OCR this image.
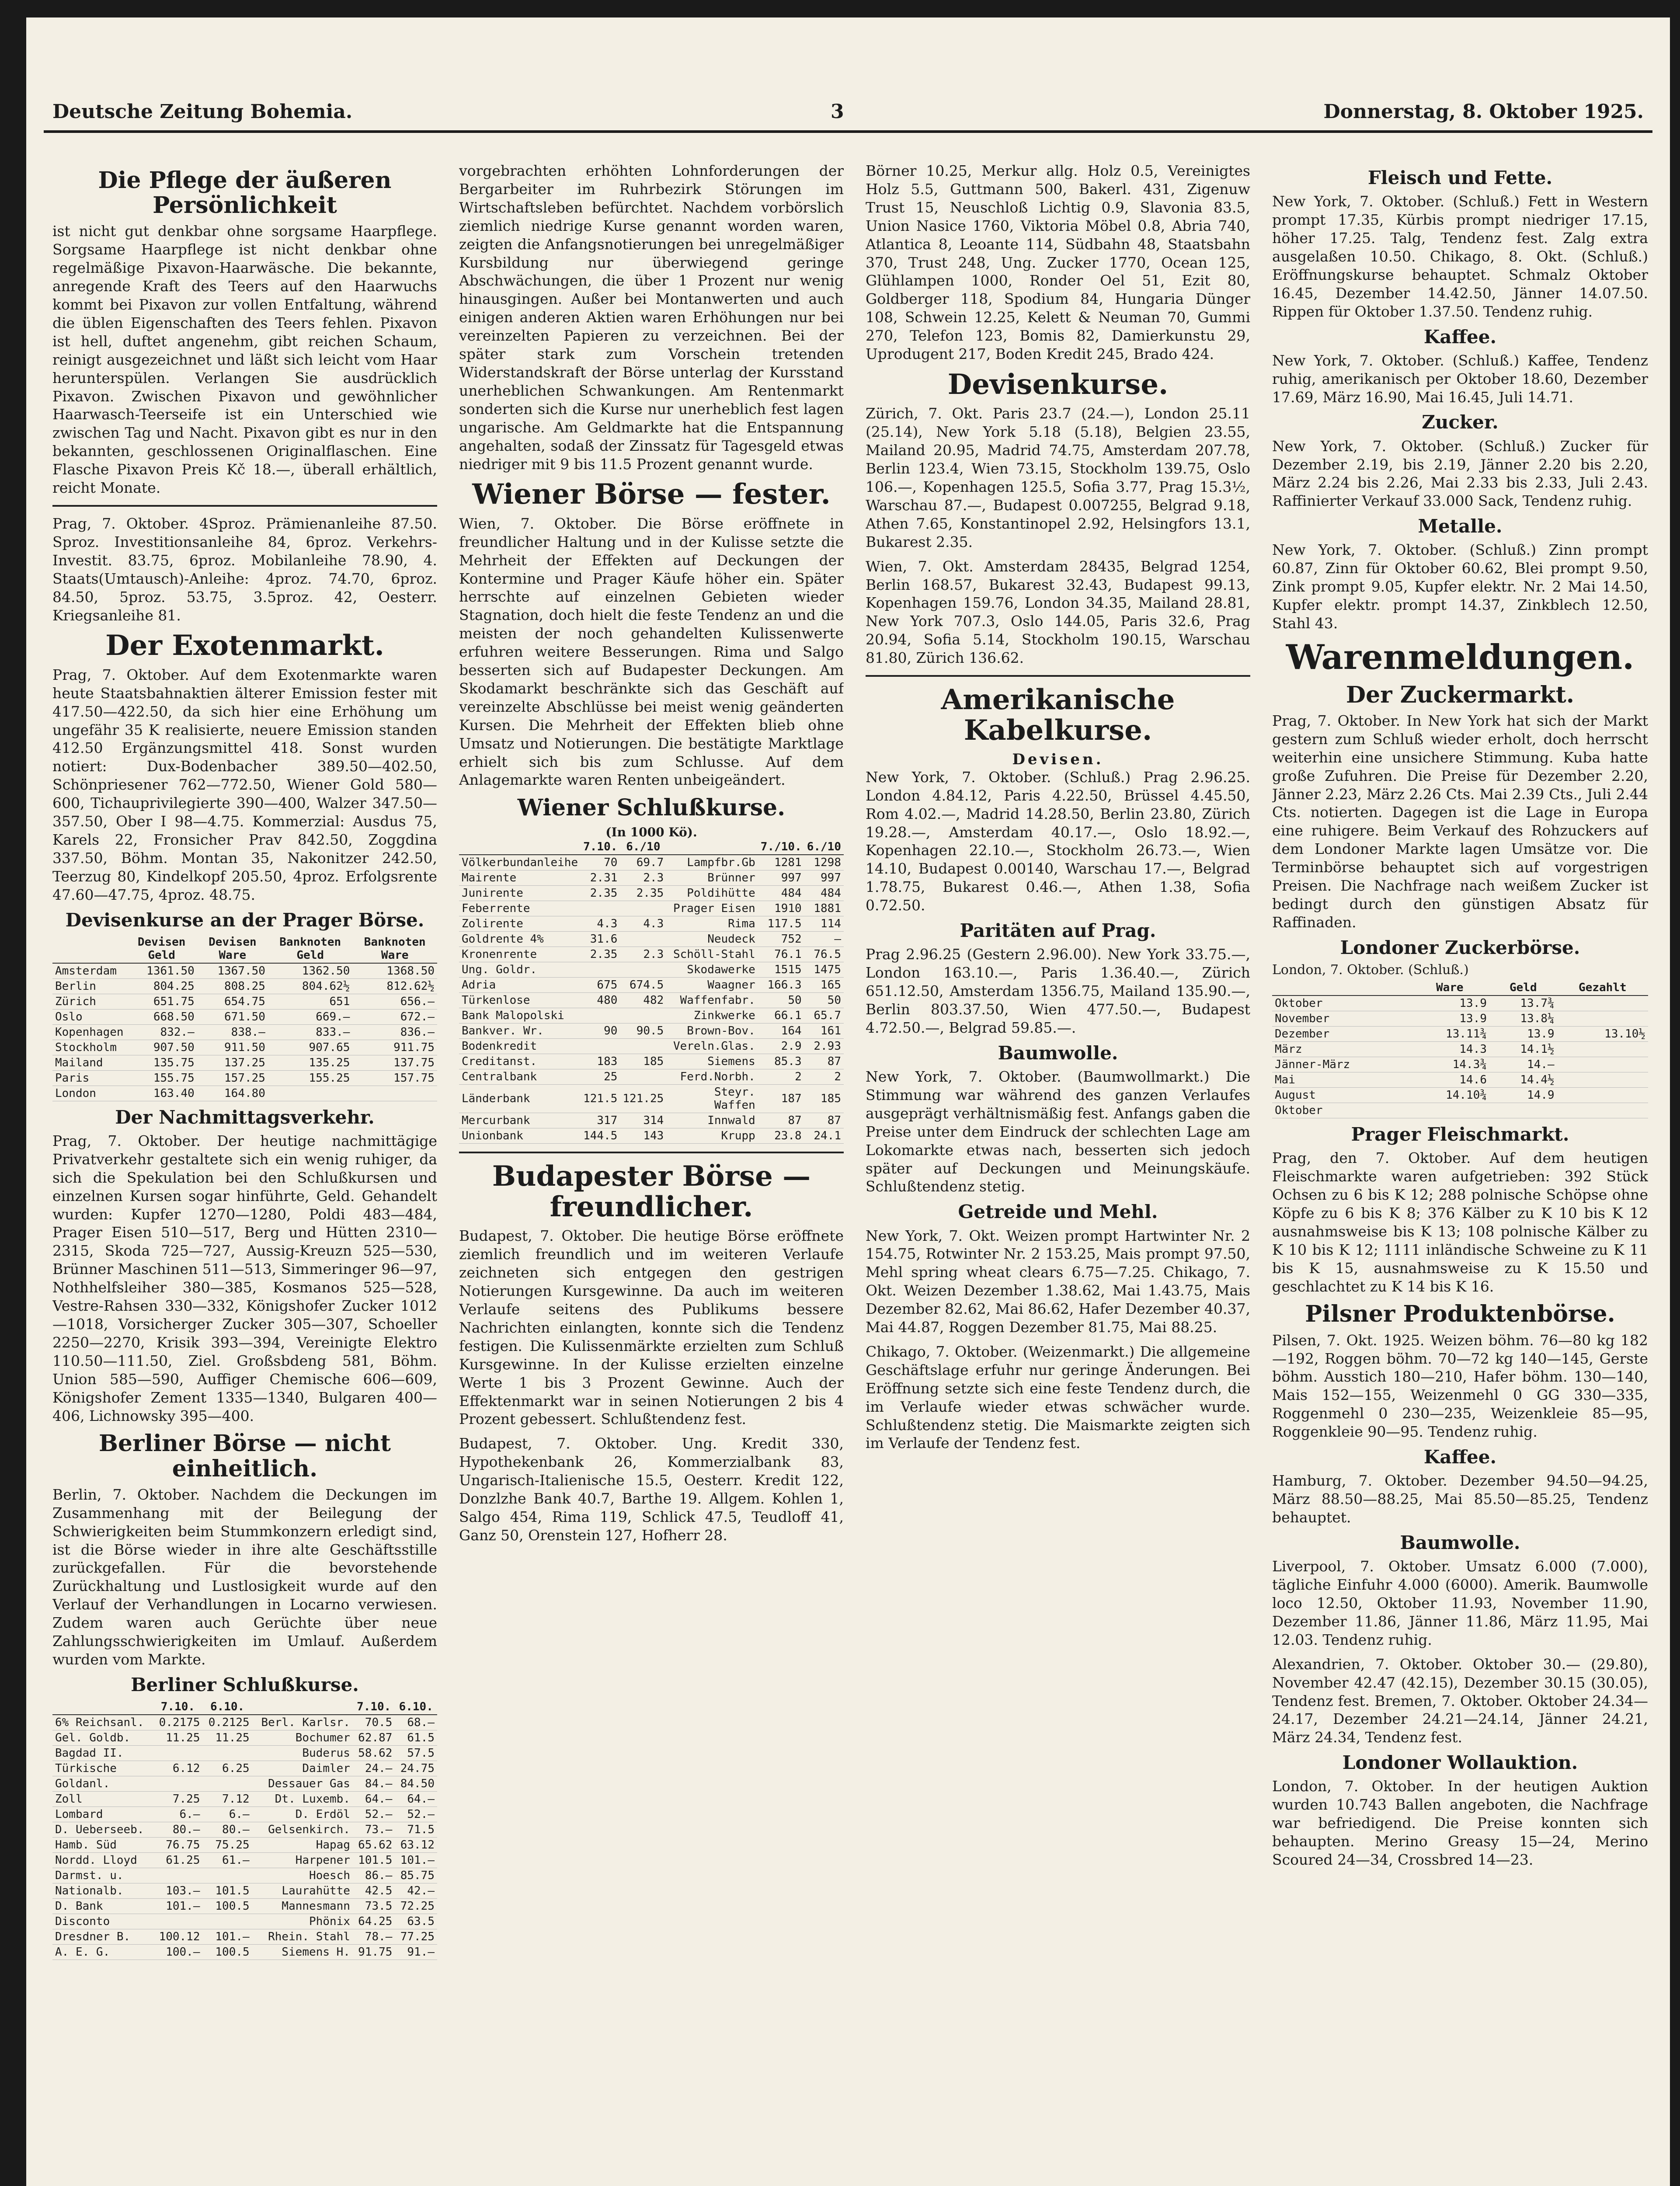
Deutsche Zeitung Bohemia.	3	Donnerstag, 8. Oktober 1925.
Die Pflege der äußeren Persönlichkeit

ist nicht gut denkbar ohne sorgsame Haarpflege. Sorgsame Haarpflege ist nicht denkbar ohne regelmäßige Pixavon-Haarwäsche. Die bekannte, anregende Kraft des Teers auf den Haarwuchs kommt bei Pixavon zur vollen Entfaltung, während die üblen Eigenschaften des Teers fehlen. Pixavon ist hell, duftet angenehm, gibt reichen Schaum, reinigt ausgezeichnet und läßt sich leicht vom Haar herunterspülen. Verlangen Sie ausdrücklich Pixavon. Zwischen Pixavon und gewöhnlicher Haarwasch-Teerseife ist ein Unterschied wie zwischen Tag und Nacht. Pixavon gibt es nur in den bekannten, geschlossenen Originalflaschen. Eine Flasche Pixavon Preis Kč 18.—, überall erhältlich, reicht Monate.

Prag, 7. Oktober. 4Sproz. Prämienanleihe 87.50. Sproz. Investitionsanleihe 84, 6proz. Verkehrs-Investit. 83.75, 6proz. Mobilanleihe 78.90, 4. Staats(Umtausch)-Anleihe: 4proz. 74.70, 6proz. 84.50, 5proz. 53.75, 3.5proz. 42, Oesterr. Kriegsanleihe 81.

Der Exotenmarkt.

Prag, 7. Oktober. Auf dem Exotenmarkte waren heute Staatsbahnaktien älterer Emission fester mit 417.50—422.50, da sich hier eine Erhöhung um ungefähr 35 K realisierte, neuere Emission standen 412.50 Ergänzungsmittel 418. Sonst wurden notiert: Dux-Bodenbacher 389.50—402.50, Schönpriesener 762—772.50, Wiener Gold 580—600, Tichauprivilegierte 390—400, Walzer 347.50—357.50, Ober I 98—4.75. Kommerzial: Ausdus 75, Karels 22, Fronsicher Prav 842.50, Zoggdina 337.50, Böhm. Montan 35, Nakonitzer 242.50, Teerzug 80, Kindelkopf 205.50, 4proz. Erfolgsrente 47.60—47.75, 4proz. 48.75.

Devisenkurse an der Prager Börse.
	Devisen Geld	Devisen Ware	Banknoten Geld	Banknoten Ware
Amsterdam	1361.50	1367.50	1362.50	1368.50
Berlin	804.25	808.25	804.62½	812.62½
Zürich	651.75	654.75	651	656.—
Oslo	668.50	671.50	669.—	672.—
Kopenhagen	832.—	838.—	833.—	836.—
Stockholm	907.50	911.50	907.65	911.75
Mailand	135.75	137.25	135.25	137.75
Paris	155.75	157.25	155.25	157.75
London	163.40	164.80		
Der Nachmittagsverkehr.

Prag, 7. Oktober. Der heutige nachmittägige Privatverkehr gestaltete sich ein wenig ruhiger, da sich die Spekulation bei den Schlußkursen und einzelnen Kursen sogar hinführte, Geld. Gehandelt wurden: Kupfer 1270—1280, Poldi 483—484, Prager Eisen 510—517, Berg und Hütten 2310—2315, Skoda 725—727, Aussig-Kreuzn 525—530, Brünner Maschinen 511—513, Simmeringer 96—97, Nothhelfsleiher 380—385, Kosmanos 525—528, Vestre-Rahsen 330—332, Königshofer Zucker 1012—1018, Vorsicherger Zucker 305—307, Schoeller 2250—2270, Krisik 393—394, Vereinigte Elektro 110.50—111.50, Ziel. Großsbdeng 581, Böhm. Union 585—590, Auffiger Chemische 606—609, Königshofer Zement 1335—1340, Bulgaren 400—406, Lichnowsky 395—400.

Berliner Börse — nicht einheitlich.

Berlin, 7. Oktober. Nachdem die Deckungen im Zusammenhang mit der Beilegung der Schwierigkeiten beim Stummkonzern erledigt sind, ist die Börse wieder in ihre alte Geschäftsstille zurückgefallen. Für die bevorstehende Zurückhaltung und Lustlosigkeit wurde auf den Verlauf der Verhandlungen in Locarno verwiesen. Zudem waren auch Gerüchte über neue Zahlungsschwierigkeiten im Umlauf. Außerdem wurden vom Markte.

Berliner Schlußkurse.
	7.10.	6.10.		7.10.	6.10.
6% Reichsanl.	0.2175	0.2125	Berl. Karlsr.	70.5	68.—
Gel. Goldb.	11.25	11.25	Bochumer	62.87	61.5
Bagdad II.			Buderus	58.62	57.5
Türkische	6.12	6.25	Daimler	24.—	24.75
Goldanl.			Dessauer Gas	84.—	84.50
Zoll	7.25	7.12	Dt. Luxemb.	64.—	64.—
Lombard	6.—	6.—	D. Erdöl	52.—	52.—
D. Ueberseeb.	80.—	80.—	Gelsenkirch.	73.—	71.5
Hamb. Süd	76.75	75.25	Hapag	65.62	63.12
Nordd. Lloyd	61.25	61.—	Harpener	101.5	101.—
Darmst. u.			Hoesch	86.—	85.75
Nationalb.	103.—	101.5	Laurahütte	42.5	42.—
D. Bank	101.—	100.5	Mannesmann	73.5	72.25
Disconto			Phönix	64.25	63.5
Dresdner B.	100.12	101.—	Rhein. Stahl	78.—	77.25
A. E. G.	100.—	100.5	Siemens H.	91.75	91.—

vorgebrachten erhöhten Lohnforderungen der Bergarbeiter im Ruhrbezirk Störungen im Wirtschaftsleben befürchtet. Nachdem vorbörslich ziemlich niedrige Kurse genannt worden waren, zeigten die Anfangsnotierungen bei unregelmäßiger Kursbildung nur überwiegend geringe Abschwächungen, die über 1 Prozent nur wenig hinausgingen. Außer bei Montanwerten und auch einigen anderen Aktien waren Erhöhungen nur bei vereinzelten Papieren zu verzeichnen. Bei der später stark zum Vorschein tretenden Widerstandskraft der Börse unterlag der Kursstand unerheblichen Schwankungen. Am Rentenmarkt sonderten sich die Kurse nur unerheblich fest lagen ungarische. Am Geldmarkte hat die Entspannung angehalten, sodaß der Zinssatz für Tagesgeld etwas niedriger mit 9 bis 11.5 Prozent genannt wurde.

Wiener Börse — fester.

Wien, 7. Oktober. Die Börse eröffnete in freundlicher Haltung und in der Kulisse setzte die Mehrheit der Effekten auf Deckungen der Kontermine und Prager Käufe höher ein. Später herrschte auf einzelnen Gebieten wieder Stagnation, doch hielt die feste Tendenz an und die meisten der noch gehandelten Kulissenwerte erfuhren weitere Besserungen. Rima und Salgo besserten sich auf Budapester Deckungen. Am Skodamarkt beschränkte sich das Geschäft auf vereinzelte Abschlüsse bei meist wenig geänderten Kursen. Die Mehrheit der Effekten blieb ohne Umsatz und Notierungen. Die bestätigte Marktlage erhielt sich bis zum Schlusse. Auf dem Anlagemarkte waren Renten unbeigeändert.

Wiener Schlußkurse.
(In 1000 Kö).
	7.10.	6./10		7./10.	6./10
Völkerbundanleihe	70	69.7	Lampfbr.Gb	1281	1298
Mairente	2.31	2.3	Brünner	997	997
Junirente	2.35	2.35	Poldihütte	484	484
Feberrente			Prager Eisen	1910	1881
Zolirente	4.3	4.3	Rima	117.5	114
Goldrente 4%	31.6		Neudeck	752	—
Kronenrente	2.35	2.3	Schöll-Stahl	76.1	76.5
Ung. Goldr.			Skodawerke	1515	1475
Adria	675	674.5	Waagner	166.3	165
Türkenlose	480	482	Waffenfabr.	50	50
Bank Malopolski			Zinkwerke	66.1	65.7
Bankver. Wr.	90	90.5	Brown-Bov.	164	161
Bodenkredit			Vereln.Glas.	2.9	2.93
Creditanst.	183	185	Siemens	85.3	87
Centralbank	25		Ferd.Norbh.	2	2
Länderbank	121.5	121.25	Steyr. Waffen	187	185
Mercurbank	317	314	Innwald	87	87
Unionbank	144.5	143	Krupp	23.8	24.1
Budapester Börse — freundlicher.

Budapest, 7. Oktober. Die heutige Börse eröffnete ziemlich freundlich und im weiteren Verlaufe zeichneten sich entgegen den gestrigen Notierungen Kursgewinne. Da auch im weiteren Verlaufe seitens des Publikums bessere Nachrichten einlangten, konnte sich die Tendenz festigen. Die Kulissenmärkte erzielten zum Schluß Kursgewinne. In der Kulisse erzielten einzelne Werte 1 bis 3 Prozent Gewinne. Auch der Effektenmarkt war in seinen Notierungen 2 bis 4 Prozent gebessert. Schlußtendenz fest.

Budapest, 7. Oktober. Ung. Kredit 330, Hypothekenbank 26, Kommerzialbank 83, Ungarisch-Italienische 15.5, Oesterr. Kredit 122, Donzlzhe Bank 40.7, Barthe 19. Allgem. Kohlen 1, Salgo 454, Rima 119, Schlick 47.5, Teudloff 41, Ganz 50, Orenstein 127, Hofherr 28.

Börner 10.25, Merkur allg. Holz 0.5, Vereinigtes Holz 5.5, Guttmann 500, Bakerl. 431, Zigenuw Trust 15, Neuschloß Lichtig 0.9, Slavonia 83.5, Union Nasice 1760, Viktoria Möbel 0.8, Abria 740, Atlantica 8, Leoante 114, Südbahn 48, Staatsbahn 370, Trust 248, Ung. Zucker 1770, Ocean 125, Glühlampen 1000, Ronder Oel 51, Ezit 80, Goldberger 118, Spodium 84, Hungaria Dünger 108, Schwein 12.25, Kelett & Neuman 70, Gummi 270, Telefon 123, Bomis 82, Damierkunstu 29, Uprodugent 217, Boden Kredit 245, Brado 424.

Devisenkurse.

Zürich, 7. Okt. Paris 23.7 (24.—), London 25.11 (25.14), New York 5.18 (5.18), Belgien 23.55, Mailand 20.95, Madrid 74.75, Amsterdam 207.78, Berlin 123.4, Wien 73.15, Stockholm 139.75, Oslo 106.—, Kopenhagen 125.5, Sofia 3.77, Prag 15.3½, Warschau 87.—, Budapest 0.007255, Belgrad 9.18, Athen 7.65, Konstantinopel 2.92, Helsingfors 13.1, Bukarest 2.35.

Wien, 7. Okt. Amsterdam 28435, Belgrad 1254, Berlin 168.57, Bukarest 32.43, Budapest 99.13, Kopenhagen 159.76, London 34.35, Mailand 28.81, New York 707.3, Oslo 144.05, Paris 32.6, Prag 20.94, Sofia 5.14, Stockholm 190.15, Warschau 81.80, Zürich 136.62.

Amerikanische Kabelkurse.
Devisen.

New York, 7. Oktober. (Schluß.) Prag 2.96.25. London 4.84.12, Paris 4.22.50, Brüssel 4.45.50, Rom 4.02.—, Madrid 14.28.50, Berlin 23.80, Zürich 19.28.—, Amsterdam 40.17.—, Oslo 18.92.—, Kopenhagen 22.10.—, Stockholm 26.73.—, Wien 14.10, Budapest 0.00140, Warschau 17.—, Belgrad 1.78.75, Bukarest 0.46.—, Athen 1.38, Sofia 0.72.50.

Paritäten auf Prag.

Prag 2.96.25 (Gestern 2.96.00). New York 33.75.—, London 163.10.—, Paris 1.36.40.—, Zürich 651.12.50, Amsterdam 1356.75, Mailand 135.90.—, Berlin 803.37.50, Wien 477.50.—, Budapest 4.72.50.—, Belgrad 59.85.—.

Baumwolle.

New York, 7. Oktober. (Baumwollmarkt.) Die Stimmung war während des ganzen Verlaufes ausgeprägt verhältnismäßig fest. Anfangs gaben die Preise unter dem Eindruck der schlechten Lage am Lokomarkte etwas nach, besserten sich jedoch später auf Deckungen und Meinungskäufe. Schlußtendenz stetig.

Getreide und Mehl.

New York, 7. Okt. Weizen prompt Hartwinter Nr. 2 154.75, Rotwinter Nr. 2 153.25, Mais prompt 97.50, Mehl spring wheat clears 6.75—7.25. Chikago, 7. Okt. Weizen Dezember 1.38.62, Mai 1.43.75, Mais Dezember 82.62, Mai 86.62, Hafer Dezember 40.37, Mai 44.87, Roggen Dezember 81.75, Mai 88.25.

Chikago, 7. Oktober. (Weizenmarkt.) Die allgemeine Geschäftslage erfuhr nur geringe Änderungen. Bei Eröffnung setzte sich eine feste Tendenz durch, die im Verlaufe wieder etwas schwächer wurde. Schlußtendenz stetig. Die Maismarkte zeigten sich im Verlaufe der Tendenz fest.

Fleisch und Fette.

New York, 7. Oktober. (Schluß.) Fett in Western prompt 17.35, Kürbis prompt niedriger 17.15, höher 17.25. Talg, Tendenz fest. Zalg extra ausgelaßen 10.50. Chikago, 8. Okt. (Schluß.) Eröffnungskurse behauptet. Schmalz Oktober 16.45, Dezember 14.42.50, Jänner 14.07.50. Rippen für Oktober 1.37.50. Tendenz ruhig.

Kaffee.

New York, 7. Oktober. (Schluß.) Kaffee, Tendenz ruhig, amerikanisch per Oktober 18.60, Dezember 17.69, März 16.90, Mai 16.45, Juli 14.71.

Zucker.

New York, 7. Oktober. (Schluß.) Zucker für Dezember 2.19, bis 2.19, Jänner 2.20 bis 2.20, März 2.24 bis 2.26, Mai 2.33 bis 2.33, Juli 2.43. Raffinierter Verkauf 33.000 Sack, Tendenz ruhig.

Metalle.

New York, 7. Oktober. (Schluß.) Zinn prompt 60.87, Zinn für Oktober 60.62, Blei prompt 9.50, Zink prompt 9.05, Kupfer elektr. Nr. 2 Mai 14.50, Kupfer elektr. prompt 14.37, Zinkblech 12.50, Stahl 43.

Warenmeldungen.
Der Zuckermarkt.

Prag, 7. Oktober. In New York hat sich der Markt gestern zum Schluß wieder erholt, doch herrscht weiterhin eine unsichere Stimmung. Kuba hatte große Zufuhren. Die Preise für Dezember 2.20, Jänner 2.23, März 2.26 Cts. Mai 2.39 Cts., Juli 2.44 Cts. notierten. Dagegen ist die Lage in Europa eine ruhigere. Beim Verkauf des Rohzuckers auf dem Londoner Markte lagen Umsätze vor. Die Terminbörse behauptet sich auf vorgestrigen Preisen. Die Nachfrage nach weißem Zucker ist bedingt durch den günstigen Absatz für Raffinaden.

Londoner Zuckerbörse.
London, 7. Oktober. (Schluß.)
	Ware	Geld	Gezahlt
Oktober	13.9	13.7¾	
November	13.9	13.8¼	
Dezember	13.11¾	13.9	13.10½
März	14.3	14.1½	
Jänner-März	14.3¾	14.—	
Mai	14.6	14.4½	
August	14.10¾	14.9	
Oktober			
Prager Fleischmarkt.

Prag, den 7. Oktober. Auf dem heutigen Fleischmarkte waren aufgetrieben: 392 Stück Ochsen zu 6 bis K 12; 288 polnische Schöpse ohne Köpfe zu 6 bis K 8; 376 Kälber zu K 10 bis K 12 ausnahmsweise bis K 13; 108 polnische Kälber zu K 10 bis K 12; 1111 inländische Schweine zu K 11 bis K 15, ausnahmsweise zu K 15.50 und geschlachtet zu K 14 bis K 16.

Pilsner Produktenbörse.

Pilsen, 7. Okt. 1925. Weizen böhm. 76—80 kg 182—192, Roggen böhm. 70—72 kg 140—145, Gerste böhm. Ausstich 180—210, Hafer böhm. 130—140, Mais 152—155, Weizenmehl 0 GG 330—335, Roggenmehl 0 230—235, Weizenkleie 85—95, Roggenkleie 90—95. Tendenz ruhig.

Kaffee.

Hamburg, 7. Oktober. Dezember 94.50—94.25, März 88.50—88.25, Mai 85.50—85.25, Tendenz behauptet.

Baumwolle.

Liverpool, 7. Oktober. Umsatz 6.000 (7.000), tägliche Einfuhr 4.000 (6000). Amerik. Baumwolle loco 12.50, Oktober 11.93, November 11.90, Dezember 11.86, Jänner 11.86, März 11.95, Mai 12.03. Tendenz ruhig.

Alexandrien, 7. Oktober. Oktober 30.— (29.80), November 42.47 (42.15), Dezember 30.15 (30.05), Tendenz fest. Bremen, 7. Oktober. Oktober 24.34—24.17, Dezember 24.21—24.14, Jänner 24.21, März 24.34, Tendenz fest.

Londoner Wollauktion.

London, 7. Oktober. In der heutigen Auktion wurden 10.743 Ballen angeboten, die Nachfrage war befriedigend. Die Preise konnten sich behaupten. Merino Greasy 15—24, Merino Scoured 24—34, Crossbred 14—23.
